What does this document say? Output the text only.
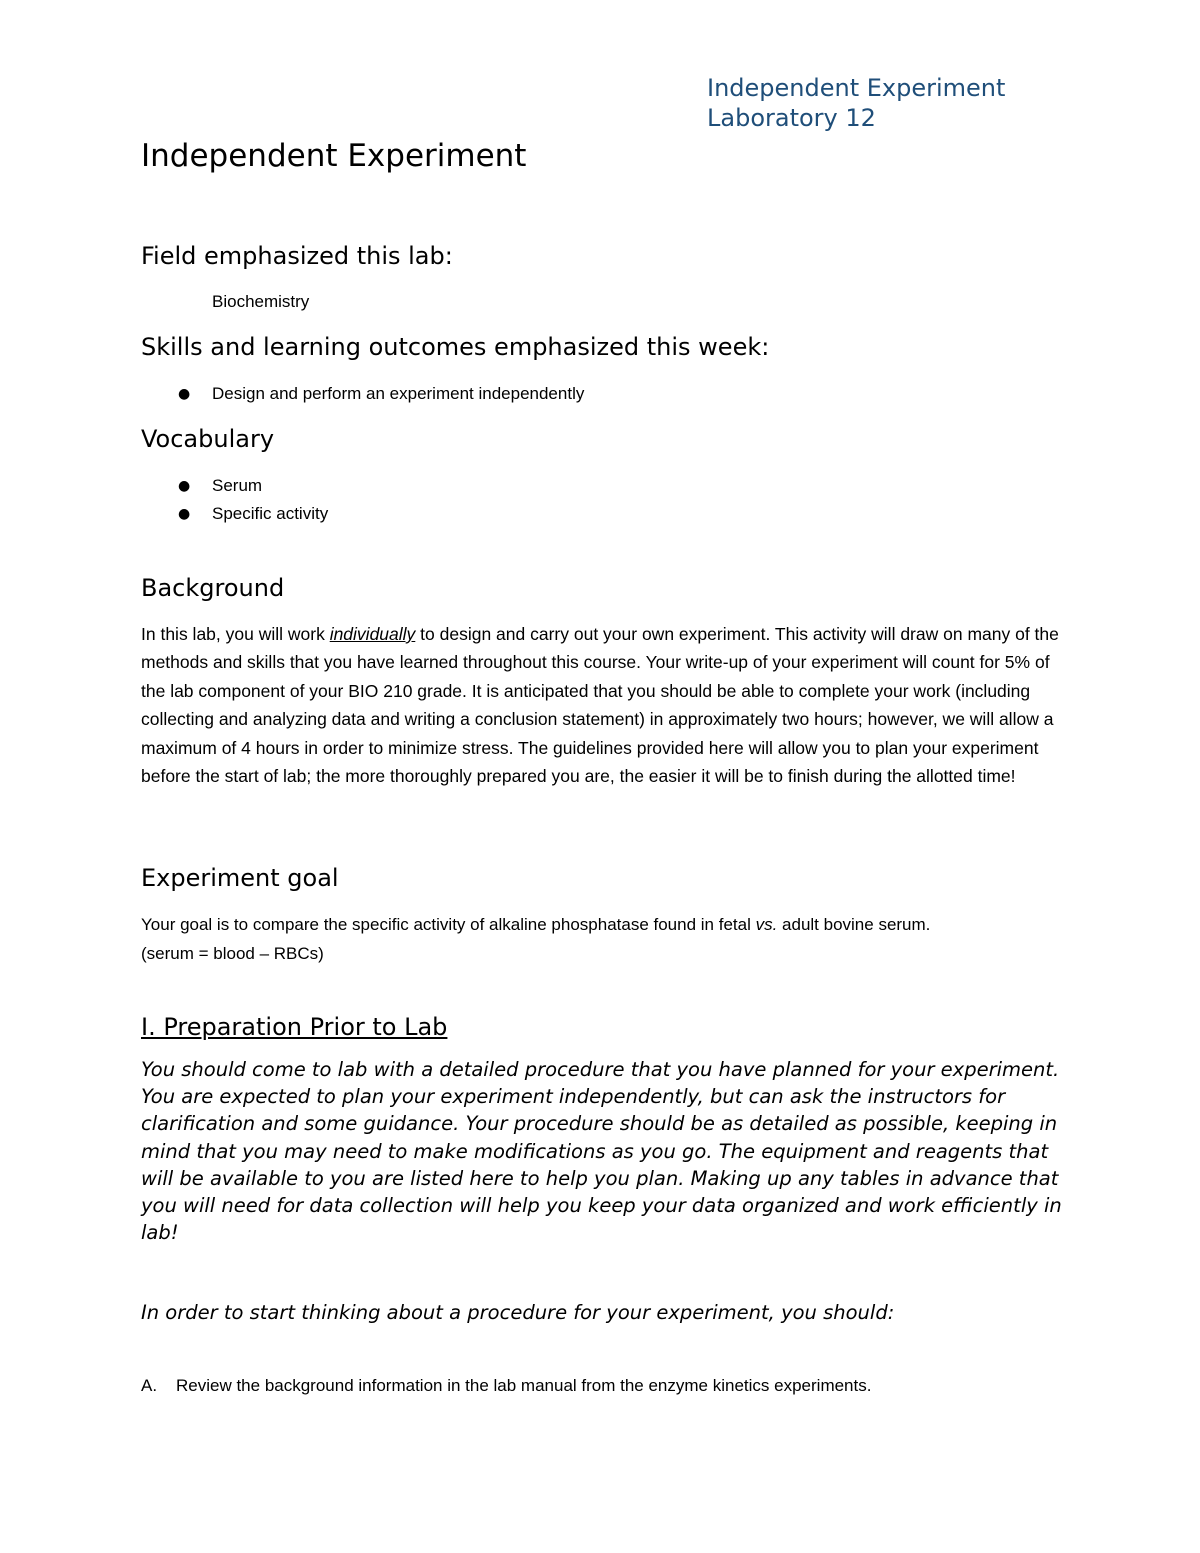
Independent Experiment
Laboratory 12
Independent Experiment
Field emphasized this lab:
Biochemistry
Skills and learning outcomes emphasized this week:
● Design and perform an experiment independently
Vocabulary
● Serum
● Specific activity
Background
In this lab, you will work individually to design and carry out your own experiment. This activity will draw on many of the methods and skills that you have learned throughout this course. Your write-up of your experiment will count for 5% of the lab component of your BIO 210 grade. It is anticipated that you should be able to complete your work (including collecting and analyzing data and writing a conclusion statement) in approximately two hours; however, we will allow a maximum of 4 hours in order to minimize stress. The guidelines provided here will allow you to plan your experiment before the start of lab; the more thoroughly prepared you are, the easier it will be to finish during the allotted time!
Experiment goal
Your goal is to compare the specific activity of alkaline phosphatase found in fetal vs. adult bovine serum.
(serum = blood – RBCs)
I. Preparation Prior to Lab
You should come to lab with a detailed procedure that you have planned for your experiment. You are expected to plan your experiment independently, but can ask the instructors for clarification and some guidance. Your procedure should be as detailed as possible, keeping in mind that you may need to make modifications as you go. The equipment and reagents that will be available to you are listed here to help you plan. Making up any tables in advance that you will need for data collection will help you keep your data organized and work efficiently in lab!
In order to start thinking about a procedure for your experiment, you should:
A. Review the background information in the lab manual from the enzyme kinetics experiments.
